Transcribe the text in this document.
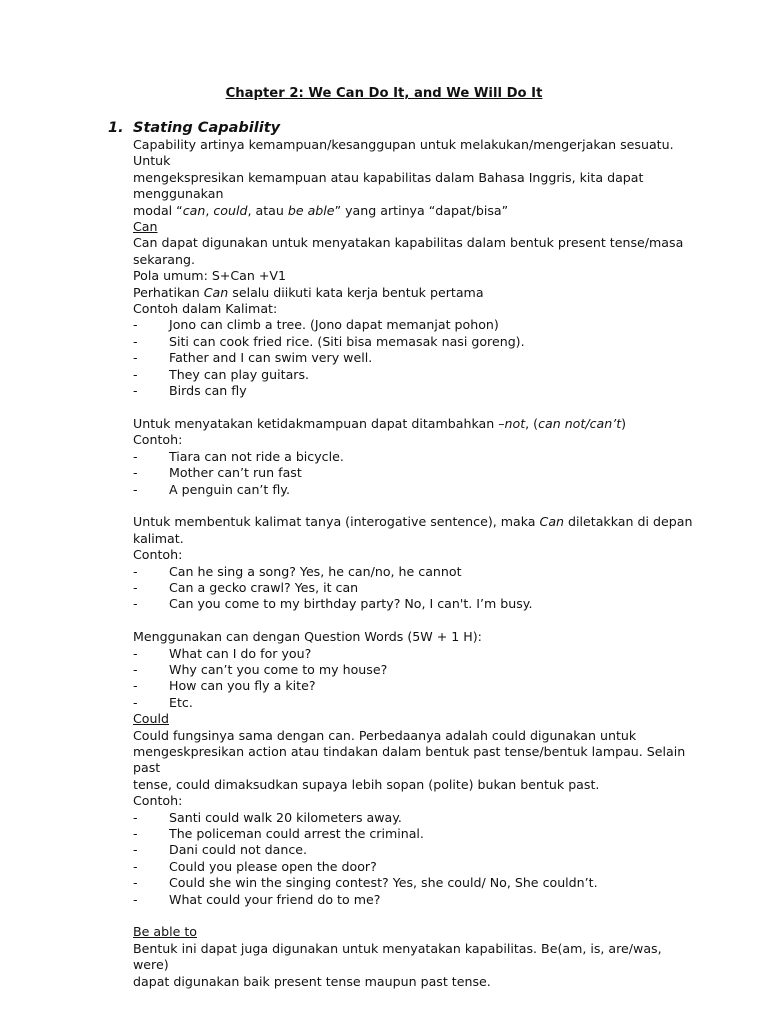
Chapter 2: We Can Do It, and We Will Do It
1. Stating Capability

Capability artinya kemampuan/kesanggupan untuk melakukan/mengerjakan sesuatu. Untuk

mengekspresikan kemampuan atau kapabilitas dalam Bahasa Inggris, kita dapat menggunakan

modal “can, could, atau be able” yang artinya “dapat/bisa”

Can

Can dapat digunakan untuk menyatakan kapabilitas dalam bentuk present tense/masa

sekarang.

Pola umum: S+Can +V1

Perhatikan Can selalu diikuti kata kerja bentuk pertama

Contoh dalam Kalimat:

- Jono can climb a tree. (Jono dapat memanjat pohon)
- Siti can cook fried rice. (Siti bisa memasak nasi goreng).
- Father and I can swim very well.
- They can play guitars.
- Birds can fly

Untuk menyatakan ketidakmampuan dapat ditambahkan –not, (can not/can’t)

Contoh:

- Tiara can not ride a bicycle.
- Mother can’t run fast
- A penguin can’t fly.

Untuk membentuk kalimat tanya (interogative sentence), maka Can diletakkan di depan

kalimat.

Contoh:

- Can he sing a song? Yes, he can/no, he cannot
- Can a gecko crawl? Yes, it can
- Can you come to my birthday party? No, I can't. I’m busy.

Menggunakan can dengan Question Words (5W + 1 H):

- What can I do for you?
- Why can’t you come to my house?
- How can you fly a kite?
- Etc.

Could

Could fungsinya sama dengan can. Perbedaanya adalah could digunakan untuk

mengeskpresikan action atau tindakan dalam bentuk past tense/bentuk lampau. Selain past

tense, could dimaksudkan supaya lebih sopan (polite) bukan bentuk past.

Contoh:

- Santi could walk 20 kilometers away.
- The policeman could arrest the criminal.
- Dani could not dance.
- Could you please open the door?
- Could she win the singing contest? Yes, she could/ No, She couldn’t.
- What could your friend do to me?

Be able to

Bentuk ini dapat juga digunakan untuk menyatakan kapabilitas. Be(am, is, are/was, were)

dapat digunakan baik present tense maupun past tense.
